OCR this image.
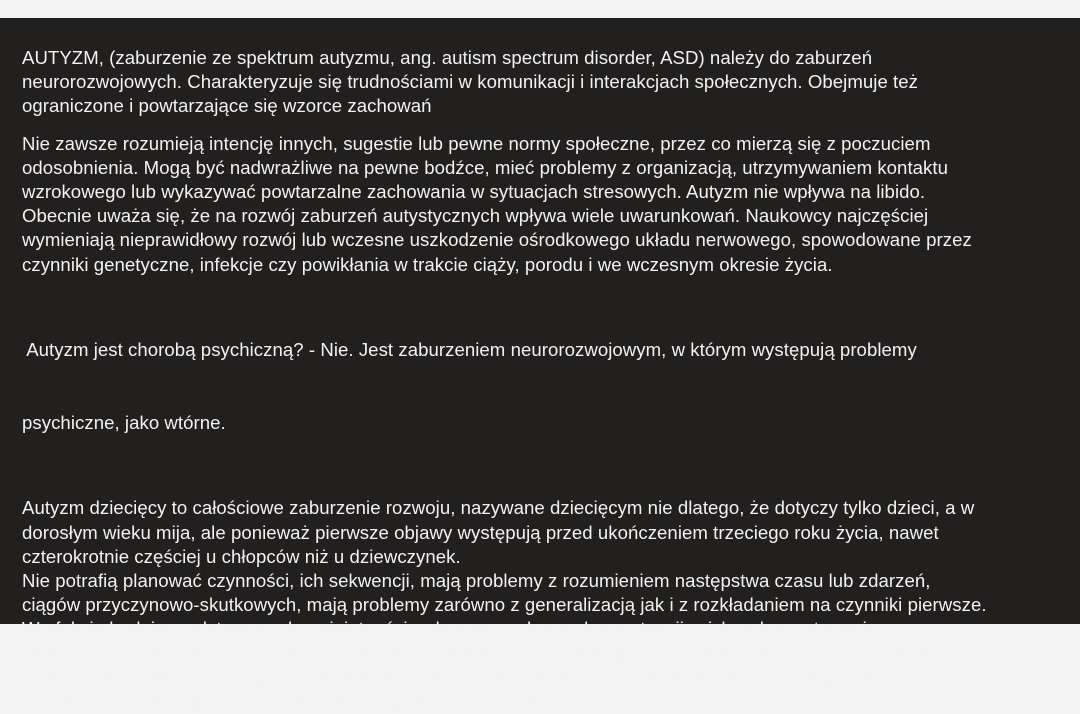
AUTYZM, (zaburzenie ze spektrum autyzmu, ang. autism spectrum disorder, ASD) należy do zaburzeń
neurorozwojowych. Charakteryzuje się trudnościami w komunikacji i interakcjach społecznych. Obejmuje też
ograniczone i powtarzające się wzorce zachowań

Nie zawsze rozumieją intencję innych, sugestie lub pewne normy społeczne, przez co mierzą się z poczuciem
odosobnienia. Mogą być nadwrażliwe na pewne bodźce, mieć problemy z organizacją, utrzymywaniem kontaktu
wzrokowego lub wykazywać powtarzalne zachowania w sytuacjach stresowych. Autyzm nie wpływa na libido.

Obecnie uważa się, że na rozwój zaburzeń autystycznych wpływa wiele uwarunkowań. Naukowcy najczęściej
wymieniają nieprawidłowy rozwój lub wczesne uszkodzenie ośrodkowego układu nerwowego, spowodowane przez
czynniki genetyczne, infekcje czy powikłania w trakcie ciąży, porodu i we wczesnym okresie życia.

Autyzm jest chorobą psychiczną? - Nie. Jest zaburzeniem neurorozwojowym, w którym występują problemy

psychiczne, jako wtórne.

Autyzm dziecięcy to całościowe zaburzenie rozwoju, nazywane dziecięcym nie dlatego, że dotyczy tylko dzieci, a w
dorosłym wieku mija, ale ponieważ pierwsze objawy występują przed ukończeniem trzeciego roku życia, nawet
czterokrotnie częściej u chłopców niż u dziewczynek.

Nie potrafią planować czynności, ich sekwencji, mają problemy z rozumieniem następstwa czasu lub zdarzeń,
ciągów przyczynowo-skutkowych, mają problemy zarówno z generalizacją jak i z rozkładaniem na czynniki pierwsze.
W efekcie brak im podstawowych umiejętności wykonawczych oraz kompetencji w ich wykorzystywaniu.

Obecnie możliwe jest leczenie zaburzenia, jakim jest autyzm farmakologicznie i behawioralnie. Jest on jednak
niewyleczalny. Wczesna diagnoza i działania terapeutyczne,niwelujące problemy wynikające z tego zaburzenia są
niezbędne w celu zapewnienia jak najlepszego rozwoju dziecka.
